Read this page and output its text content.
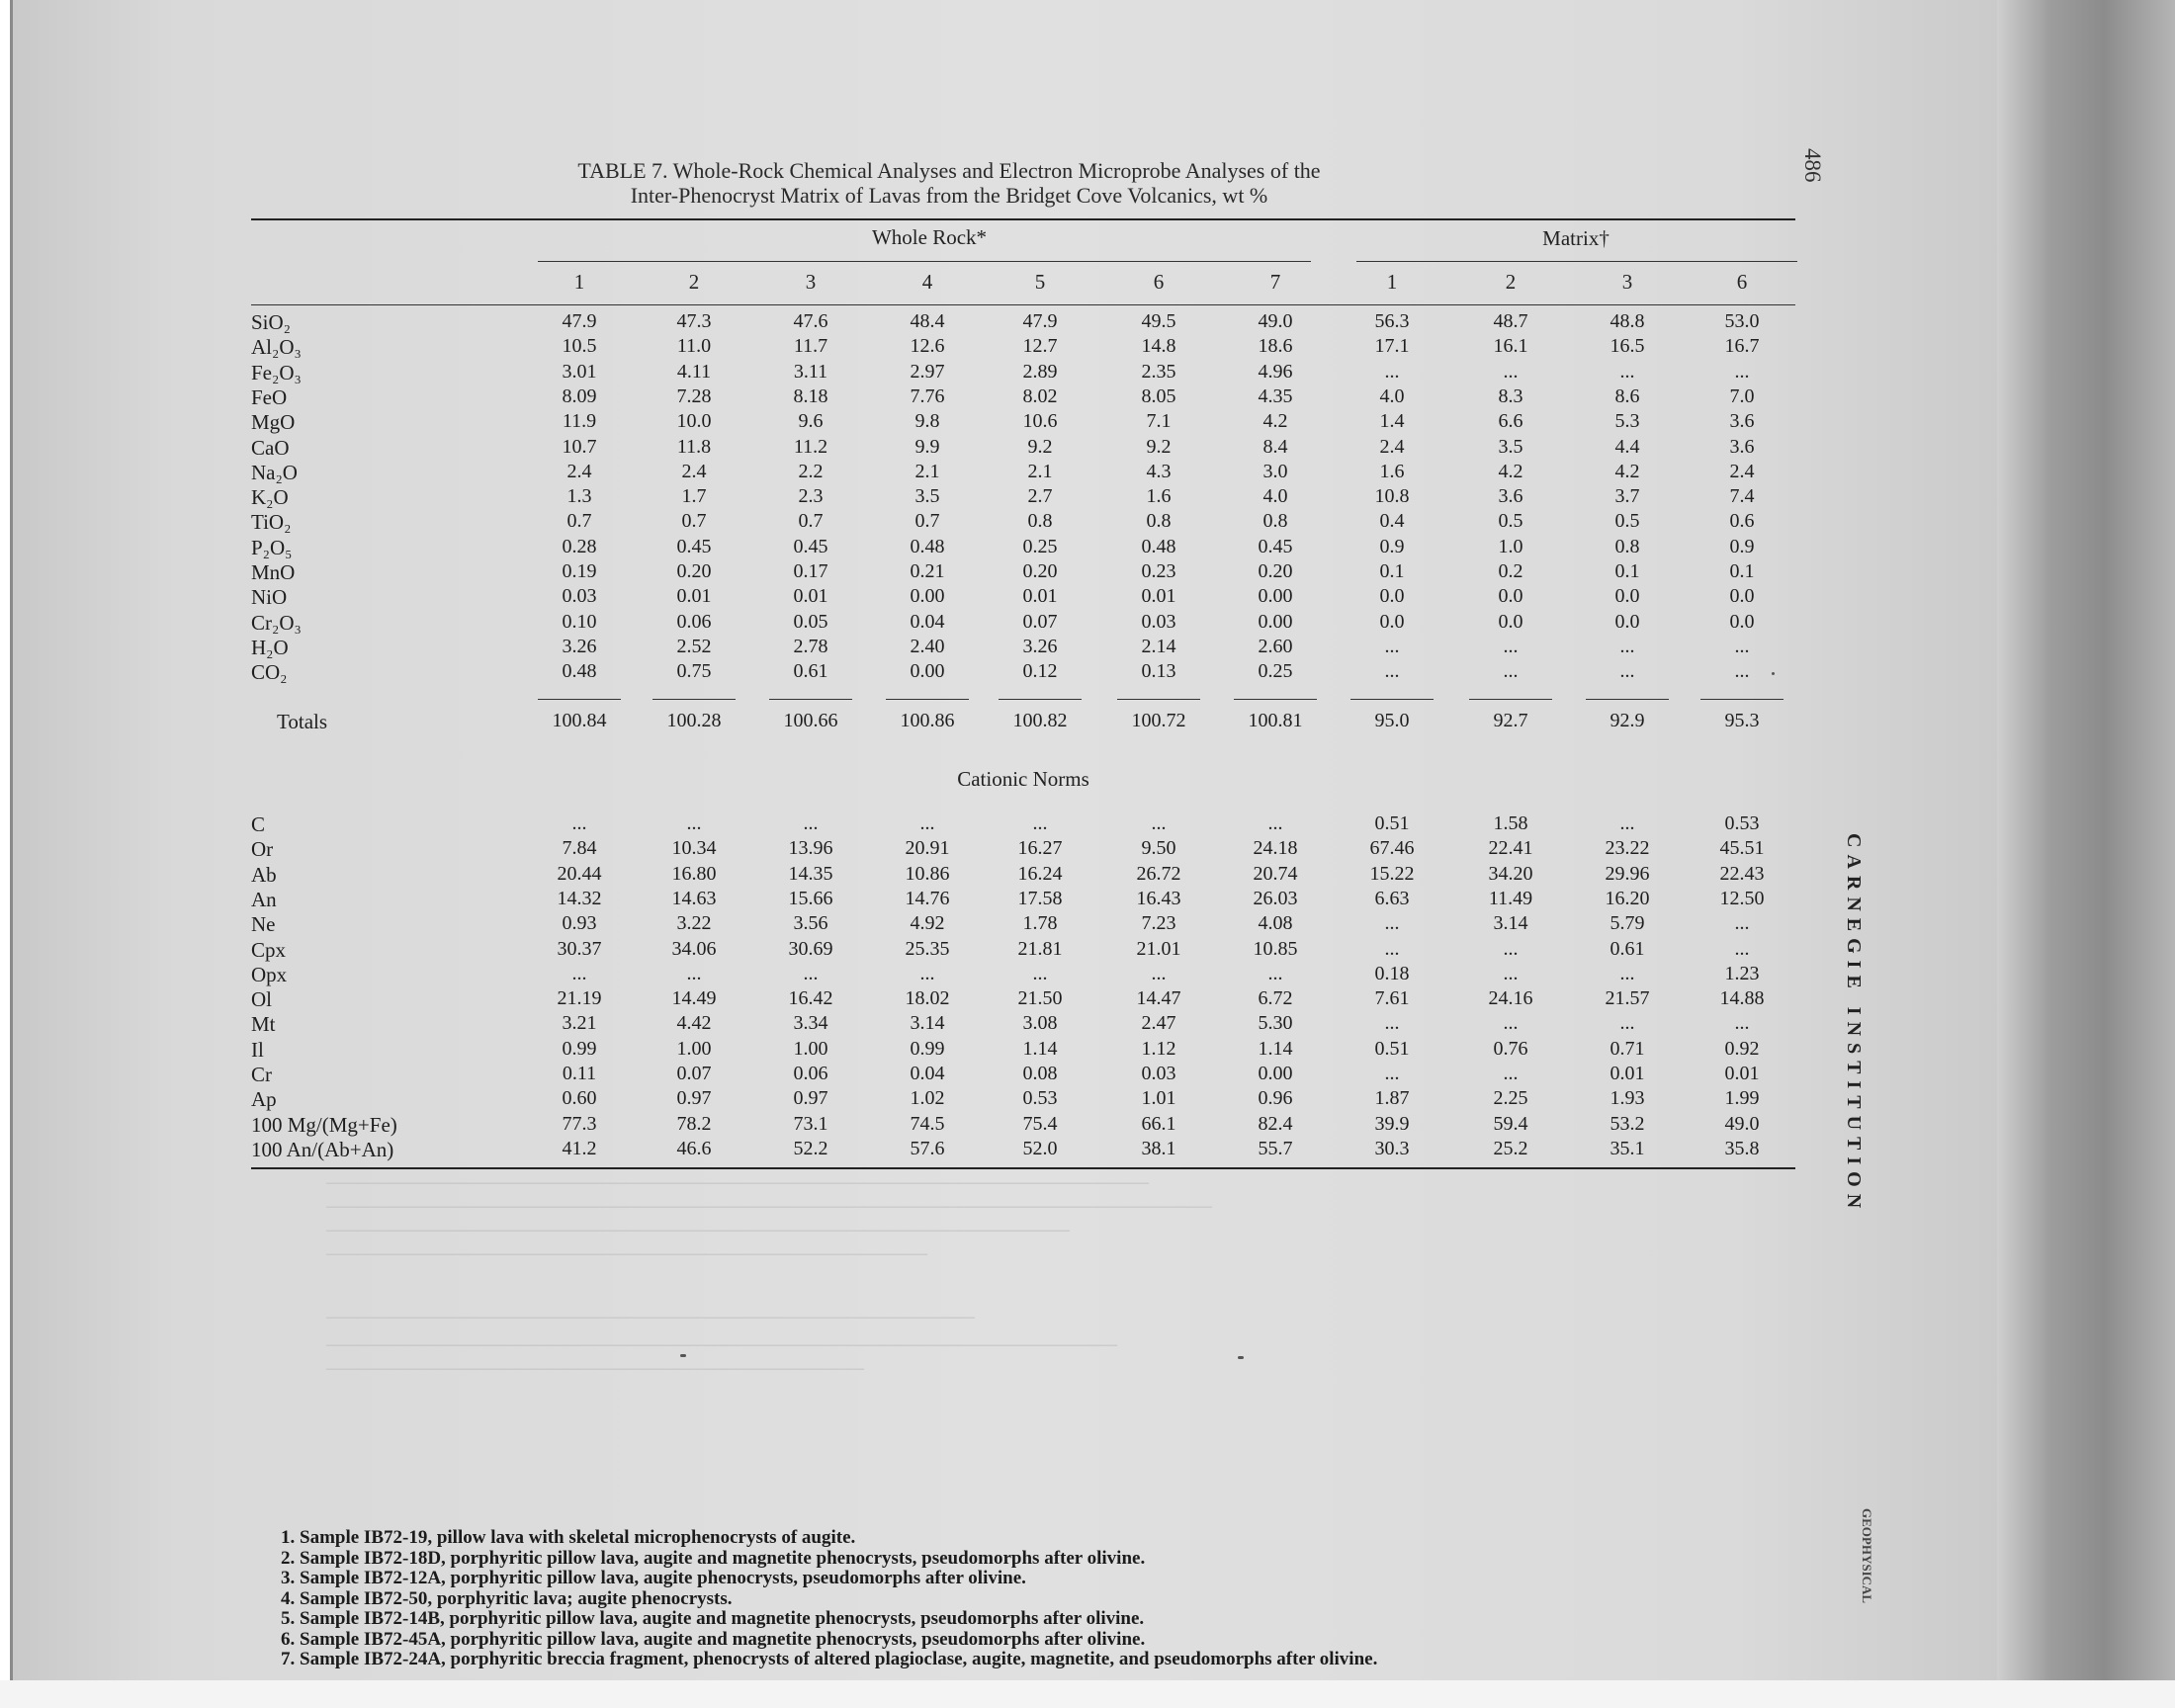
————————————————————————————————————————————————————
————————————————————————————————————————————————————————
———————————————————————————————————————————————
——————————————————————————————————————
—————————————————————————————————————————
——————————————————————————————————————————————————
——————————————————————————————————
486
CARNEGIE INSTITUTION
GEOPHYSICAL
TABLE 7. Whole-Rock Chemical Analyses and Electron Microprobe Analyses of the
Inter-Phenocryst Matrix of Lavas from the Bridget Cove Volcanics, wt %
Whole Rock*	Matrix†
1	2	3	4	5	6	7	1	2	3	6
SiO₂	47.9	47.3	47.6	48.4	47.9	49.5	49.0	56.3	48.7	48.8	53.0
Al₂O₃	10.5	11.0	11.7	12.6	12.7	14.8	18.6	17.1	16.1	16.5	16.7
Fe₂O₃	3.01	4.11	3.11	2.97	2.89	2.35	4.96	...	...	...	...
FeO	8.09	7.28	8.18	7.76	8.02	8.05	4.35	4.0	8.3	8.6	7.0
MgO	11.9	10.0	9.6	9.8	10.6	7.1	4.2	1.4	6.6	5.3	3.6
CaO	10.7	11.8	11.2	9.9	9.2	9.2	8.4	2.4	3.5	4.4	3.6
Na₂O	2.4	2.4	2.2	2.1	2.1	4.3	3.0	1.6	4.2	4.2	2.4
K₂O	1.3	1.7	2.3	3.5	2.7	1.6	4.0	10.8	3.6	3.7	7.4
TiO₂	0.7	0.7	0.7	0.7	0.8	0.8	0.8	0.4	0.5	0.5	0.6
P₂O₅	0.28	0.45	0.45	0.48	0.25	0.48	0.45	0.9	1.0	0.8	0.9
MnO	0.19	0.20	0.17	0.21	0.20	0.23	0.20	0.1	0.2	0.1	0.1
NiO	0.03	0.01	0.01	0.00	0.01	0.01	0.00	0.0	0.0	0.0	0.0
Cr₂O₃	0.10	0.06	0.05	0.04	0.07	0.03	0.00	0.0	0.0	0.0	0.0
H₂O	3.26	2.52	2.78	2.40	3.26	2.14	2.60	...	...	...	...
CO₂	0.48	0.75	0.61	0.00	0.12	0.13	0.25	...	...	...	...
Totals	100.84	100.28	100.66	100.86	100.82	100.72	100.81	95.0	92.7	92.9	95.3
C	...	...	...	...	...	...	...	0.51	1.58	...	0.53
Or	7.84	10.34	13.96	20.91	16.27	9.50	24.18	67.46	22.41	23.22	45.51
Ab	20.44	16.80	14.35	10.86	16.24	26.72	20.74	15.22	34.20	29.96	22.43
An	14.32	14.63	15.66	14.76	17.58	16.43	26.03	6.63	11.49	16.20	12.50
Ne	0.93	3.22	3.56	4.92	1.78	7.23	4.08	...	3.14	5.79	...
Cpx	30.37	34.06	30.69	25.35	21.81	21.01	10.85	...	...	0.61	...
Opx	...	...	...	...	...	...	...	0.18	...	...	1.23
Ol	21.19	14.49	16.42	18.02	21.50	14.47	6.72	7.61	24.16	21.57	14.88
Mt	3.21	4.42	3.34	3.14	3.08	2.47	5.30	...	...	...	...
Il	0.99	1.00	1.00	0.99	1.14	1.12	1.14	0.51	0.76	0.71	0.92
Cr	0.11	0.07	0.06	0.04	0.08	0.03	0.00	...	...	0.01	0.01
Ap	0.60	0.97	0.97	1.02	0.53	1.01	0.96	1.87	2.25	1.93	1.99
100 Mg/(Mg+Fe)	77.3	78.2	73.1	74.5	75.4	66.1	82.4	39.9	59.4	53.2	49.0
100 An/(Ab+An)	41.2	46.6	52.2	57.6	52.0	38.1	55.7	30.3	25.2	35.1	35.8
Cationic Norms
1. Sample IB72-19, pillow lava with skeletal microphenocrysts of augite.
2. Sample IB72-18D, porphyritic pillow lava, augite and magnetite phenocrysts, pseudomorphs after olivine.
3. Sample IB72-12A, porphyritic pillow lava, augite phenocrysts, pseudomorphs after olivine.
4. Sample IB72-50, porphyritic lava; augite phenocrysts.
5. Sample IB72-14B, porphyritic pillow lava, augite and magnetite phenocrysts, pseudomorphs after olivine.
6. Sample IB72-45A, porphyritic pillow lava, augite and magnetite phenocrysts, pseudomorphs after olivine.
7. Sample IB72-24A, porphyritic breccia fragment, phenocrysts of altered plagioclase, augite, magnetite, and pseudomorphs after olivine.
